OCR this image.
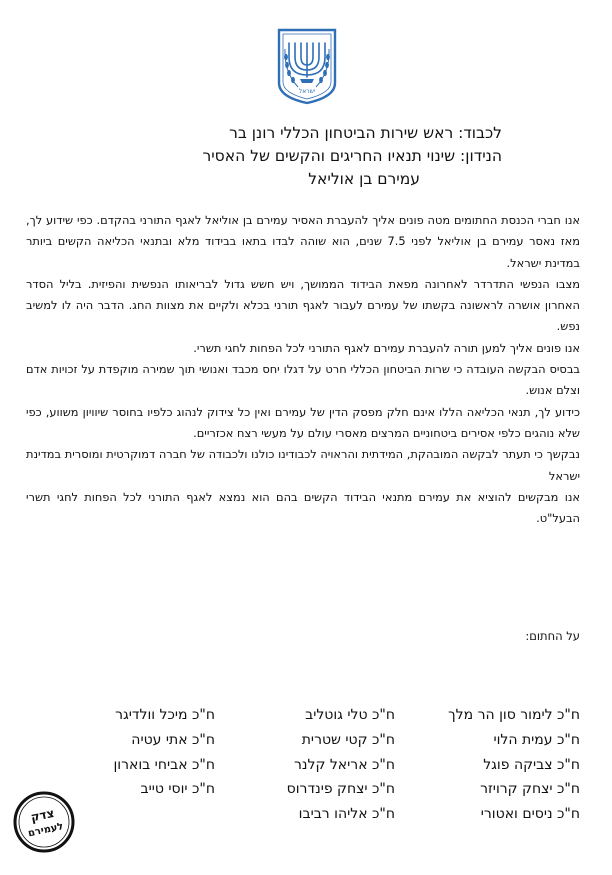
ישראל
לכבוד: ראש שירות הביטחון הכללי רונן בר
הנידון: שינוי תנאיו החריגים והקשים של האסיר
עמירם בן אוליאל

אנו חברי הכנסת החתומים מטה פונים אליך להעברת האסיר עמירם בן אוליאל לאגף התורני בהקדם. כפי שידוע לך, מאז נאסר עמירם בן אוליאל לפני 7.5 שנים, הוא שוהה לבדו בתאו בבידוד מלא ובתנאי הכליאה הקשים ביותר במדינת ישראל.

מצבו הנפשי התדרדר לאחרונה מפאת הבידוד הממושך, ויש חשש גדול לבריאותו הנפשית והפיזית. בליל הסדר האחרון אושרה לראשונה בקשתו של עמירם לעבור לאגף תורני בכלא ולקיים את מצוות החג. הדבר היה לו למשיב נפש.

אנו פונים אליך למען תורה להעברת עמירם לאגף התורני לכל הפחות לחגי תשרי.

בבסיס הבקשה העובדה כי שרות הביטחון הכללי חרט על דגלו יחס מכבד ואנושי תוך שמירה מוקפדת על זכויות אדם וצלם אנוש.

כידוע לך, תנאי הכליאה הללו אינם חלק מפסק הדין של עמירם ואין כל צידוק לנהוג כלפיו בחוסר שיוויון משווע, כפי שלא נוהגים כלפי אסירים ביטחוניים המרצים מאסרי עולם על מעשי רצח אכזריים.

נבקשך כי תעתר לבקשה המובהקת, המידתית והראויה לכבודינו כולנו ולכבודה של חברה דמוקרטית ומוסרית במדינת ישראל

אנו מבקשים להוציא את עמירם מתנאי הבידוד הקשים בהם הוא נמצא לאגף התורני לכל הפחות לחגי תשרי הבעל"ט.

על החתום:
ח"כ לימור סון הר מלך
ח"כ עמית הלוי
ח"כ צביקה פוגל
ח"כ יצחק קרויזר
ח"כ ניסים ואטורי
ח"כ טלי גוטליב
ח"כ קטי שטרית
ח"כ אריאל קלנר
ח"כ יצחק פינדרוס
ח"כ אליהו רביבו
ח"כ מיכל וולדיגר
ח"כ אתי עטיה
ח"כ אביחי בוארון
ח"כ יוסי טייב
צדק
לעמירם
